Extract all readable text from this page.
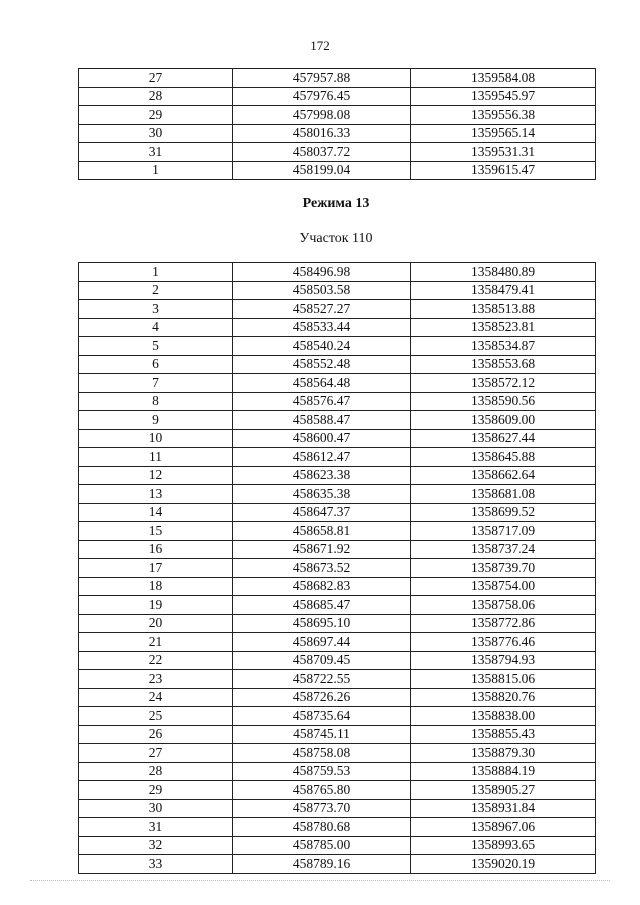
172
27	457957.88	1359584.08
28	457976.45	1359545.97
29	457998.08	1359556.38
30	458016.33	1359565.14
31	458037.72	1359531.31
1	458199.04	1359615.47
Режима 13
Участок 110
1	458496.98	1358480.89
2	458503.58	1358479.41
3	458527.27	1358513.88
4	458533.44	1358523.81
5	458540.24	1358534.87
6	458552.48	1358553.68
7	458564.48	1358572.12
8	458576.47	1358590.56
9	458588.47	1358609.00
10	458600.47	1358627.44
11	458612.47	1358645.88
12	458623.38	1358662.64
13	458635.38	1358681.08
14	458647.37	1358699.52
15	458658.81	1358717.09
16	458671.92	1358737.24
17	458673.52	1358739.70
18	458682.83	1358754.00
19	458685.47	1358758.06
20	458695.10	1358772.86
21	458697.44	1358776.46
22	458709.45	1358794.93
23	458722.55	1358815.06
24	458726.26	1358820.76
25	458735.64	1358838.00
26	458745.11	1358855.43
27	458758.08	1358879.30
28	458759.53	1358884.19
29	458765.80	1358905.27
30	458773.70	1358931.84
31	458780.68	1358967.06
32	458785.00	1358993.65
33	458789.16	1359020.19
